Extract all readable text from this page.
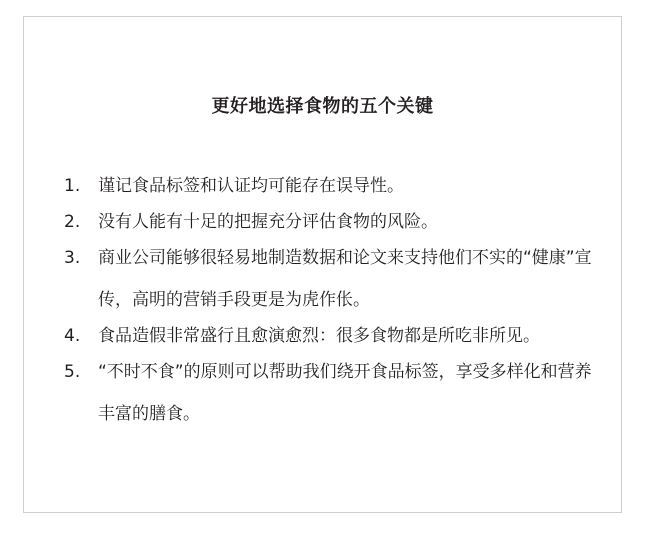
更好地选择食物的五个关键
1.	谨记食品标签和认证均可能存在误导性。
2.	没有人能有十足的把握充分评估食物的风险。
3.	商业公司能够很轻易地制造数据和论文来支持他们不实的“健康”宣传，高明的营销手段更是为虎作伥。
4.	食品造假非常盛行且愈演愈烈：很多食物都是所吃非所见。
5.	“不时不食”的原则可以帮助我们绕开食品标签，享受多样化和营养丰富的膳食。
